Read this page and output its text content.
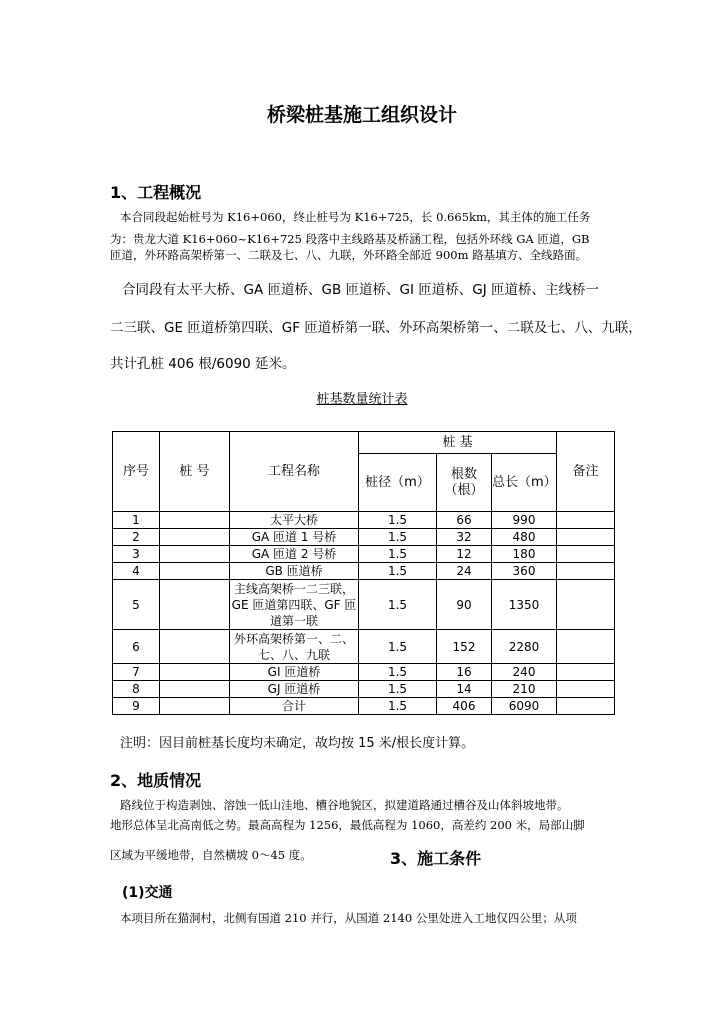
桥梁桩基施工组织设计
1、工程概况
本合同段起始桩号为 K16+060，终止桩号为 K16+725，长 0.665km，其主体的施工任务
为：贵龙大道 K16+060~K16+725 段落中主线路基及桥涵工程，包括外环线 GA 匝道，GB
匝道，外环路高架桥第一、二联及七、八、九联，外环路全部近 900m 路基填方、全线路面。
合同段有太平大桥、GA 匝道桥、GB 匝道桥、GI 匝道桥、GJ 匝道桥、主线桥一
二三联、GE 匝道桥第四联、GF 匝道桥第一联、外环高架桥第一、二联及七、八、九联，
共计孔桩 406 根/6090 延米。
桩基数量统计表
序号	桩 号	工程名称	桩 基			备注
			桩径（m）	根数（根）	总长（m）	
1		太平大桥	1.5	66	990	
2		GA 匝道 1 号桥	1.5	32	480	
3		GA 匝道 2 号桥	1.5	12	180	
4		GB 匝道桥	1.5	24	360	
5		主线高架桥一二三联，GE 匝道第四联、GF 匝道第一联	1.5	90	1350	
6		外环高架桥第一、二、七、八、九联	1.5	152	2280	
7		GI 匝道桥	1.5	16	240	
8		GJ 匝道桥	1.5	14	210	
9		合计	1.5	406	6090	
注明：因目前桩基长度均未确定，故均按 15 米/根长度计算。
2、地质情况
路线位于构造剥蚀、溶蚀一低山洼地、槽谷地貌区，拟建道路通过槽谷及山体斜坡地带。
地形总体呈北高南低之势。最高高程为 1256，最低高程为 1060，高差约 200 米，局部山脚
区域为平缓地带，自然横坡 0～45 度。	3、施工条件
(1)交通
本项目所在猫洞村，北侧有国道 210 并行，从国道 2140 公里处进入工地仅四公里；从项
